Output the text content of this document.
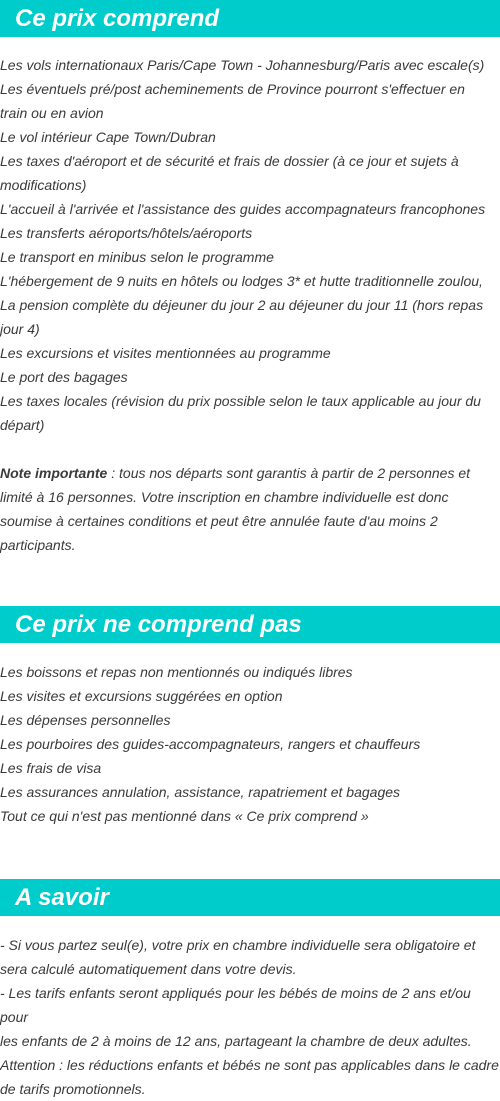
Ce prix comprend

Les vols internationaux Paris/Cape Town - Johannesburg/Paris avec escale(s)

Les éventuels pré/post acheminements de Province pourront s'effectuer en

train ou en avion

Le vol intérieur Cape Town/Dubran

Les taxes d'aéroport et de sécurité et frais de dossier (à ce jour et sujets à

modifications)

L'accueil à l'arrivée et l'assistance des guides accompagnateurs francophones

Les transferts aéroports/hôtels/aéroports

Le transport en minibus selon le programme

L'hébergement de 9 nuits en hôtels ou lodges 3* et hutte traditionnelle zoulou,

La pension complète du déjeuner du jour 2 au déjeuner du jour 11 (hors repas

jour 4)

Les excursions et visites mentionnées au programme

Le port des bagages

Les taxes locales (révision du prix possible selon le taux applicable au jour du

départ)

Note importante : tous nos départs sont garantis à partir de 2 personnes et

limité à 16 personnes. Votre inscription en chambre individuelle est donc

soumise à certaines conditions et peut être annulée faute d'au moins 2

participants.

Ce prix ne comprend pas

Les boissons et repas non mentionnés ou indiqués libres

Les visites et excursions suggérées en option

Les dépenses personnelles

Les pourboires des guides-accompagnateurs, rangers et chauffeurs

Les frais de visa

Les assurances annulation, assistance, rapatriement et bagages

Tout ce qui n'est pas mentionné dans « Ce prix comprend »

A savoir

- Si vous partez seul(e), votre prix en chambre individuelle sera obligatoire et

sera calculé automatiquement dans votre devis.

- Les tarifs enfants seront appliqués pour les bébés de moins de 2 ans et/ou pour

les enfants de 2 à moins de 12 ans, partageant la chambre de deux adultes.

Attention : les réductions enfants et bébés ne sont pas applicables dans le cadre

de tarifs promotionnels.
